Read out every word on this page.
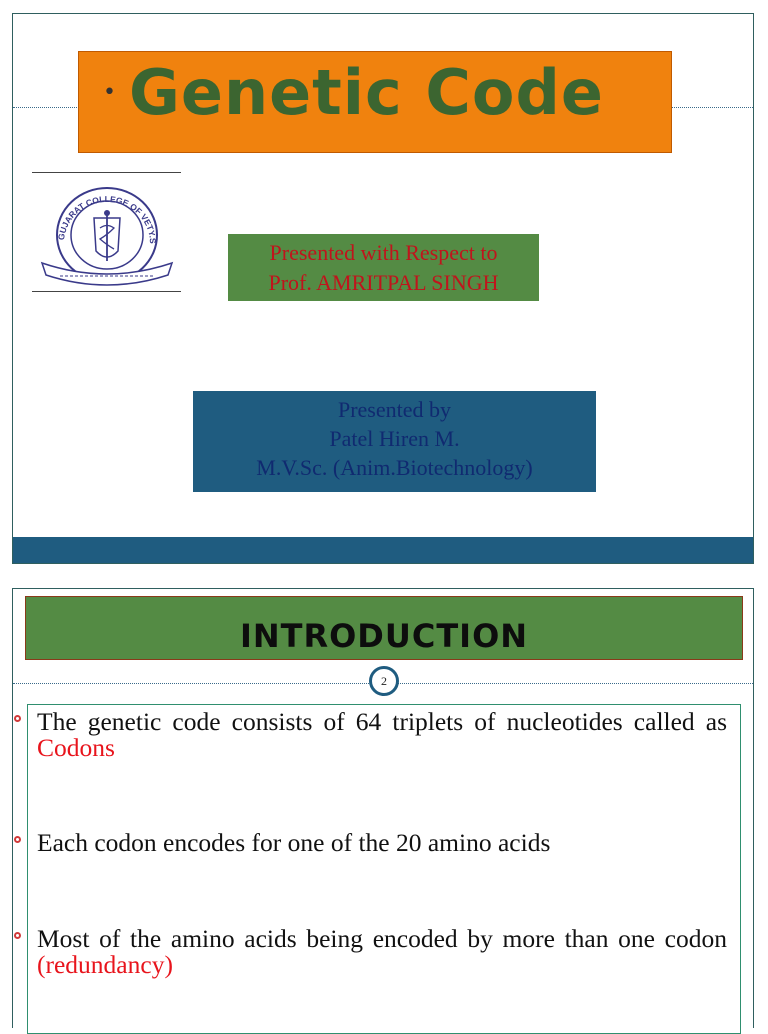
• Genetic Code
GUJARAT COLLEGE OF VETY.S	Presented with Respect to
Prof. AMRITPAL SINGH
Presented by
Patel Hiren M.
M.V.Sc. (Anim.Biotechnology)
INTRODUCTION
2
The genetic code consists of 64 triplets of nucleotides called as Codons
Each codon encodes for one of the 20 amino acids
Most of the amino acids being encoded by more than one codon (redundancy)
